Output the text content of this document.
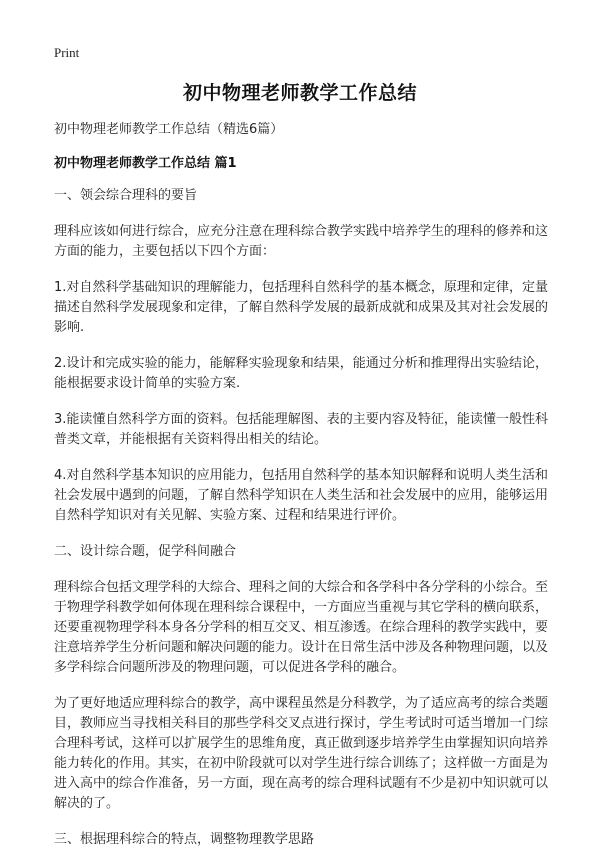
Print
初中物理老师教学工作总结

初中物理老师教学工作总结（精选6篇）

初中物理老师教学工作总结 篇1

一、领会综合理科的要旨

理科应该如何进行综合，应充分注意在理科综合教学实践中培养学生的理科的修养和这方面的能力，主要包括以下四个方面：

1.对自然科学基础知识的理解能力，包括理科自然科学的基本概念，原理和定律，定量描述自然科学发展现象和定律，了解自然科学发展的最新成就和成果及其对社会发展的影响.

2.设计和完成实验的能力，能解释实验现象和结果，能通过分析和推理得出实验结论，能根据要求设计简单的实验方案.

3.能读懂自然科学方面的资料。包括能理解图、表的主要内容及特征，能读懂一般性科普类文章，并能根据有关资料得出相关的结论。

4.对自然科学基本知识的应用能力，包括用自然科学的基本知识解释和说明人类生活和社会发展中遇到的问题，了解自然科学知识在人类生活和社会发展中的应用，能够运用自然科学知识对有关见解、实验方案、过程和结果进行评价。

二、设计综合题，促学科间融合

理科综合包括文理学科的大综合、理科之间的大综合和各学科中各分学科的小综合。至于物理学科教学如何体现在理科综合课程中，一方面应当重视与其它学科的横向联系，还要重视物理学科本身各分学科的相互交叉、相互渗透。在综合理科的教学实践中，要注意培养学生分析问题和解决问题的能力。设计在日常生活中涉及各种物理问题，以及多学科综合问题所涉及的物理问题，可以促进各学科的融合。

为了更好地适应理科综合的教学，高中课程虽然是分科教学，为了适应高考的综合类题目，教师应当寻找相关科目的那些学科交叉点进行探讨，学生考试时可适当增加一门综合理科考试，这样可以扩展学生的思维角度，真正做到逐步培养学生由掌握知识向培养能力转化的作用。其实，在初中阶段就可以对学生进行综合训练了；这样做一方面是为进入高中的综合作准备，另一方面，现在高考的综合理科试题有不少是初中知识就可以解决的了。

三、根据理科综合的特点，调整物理教学思路
